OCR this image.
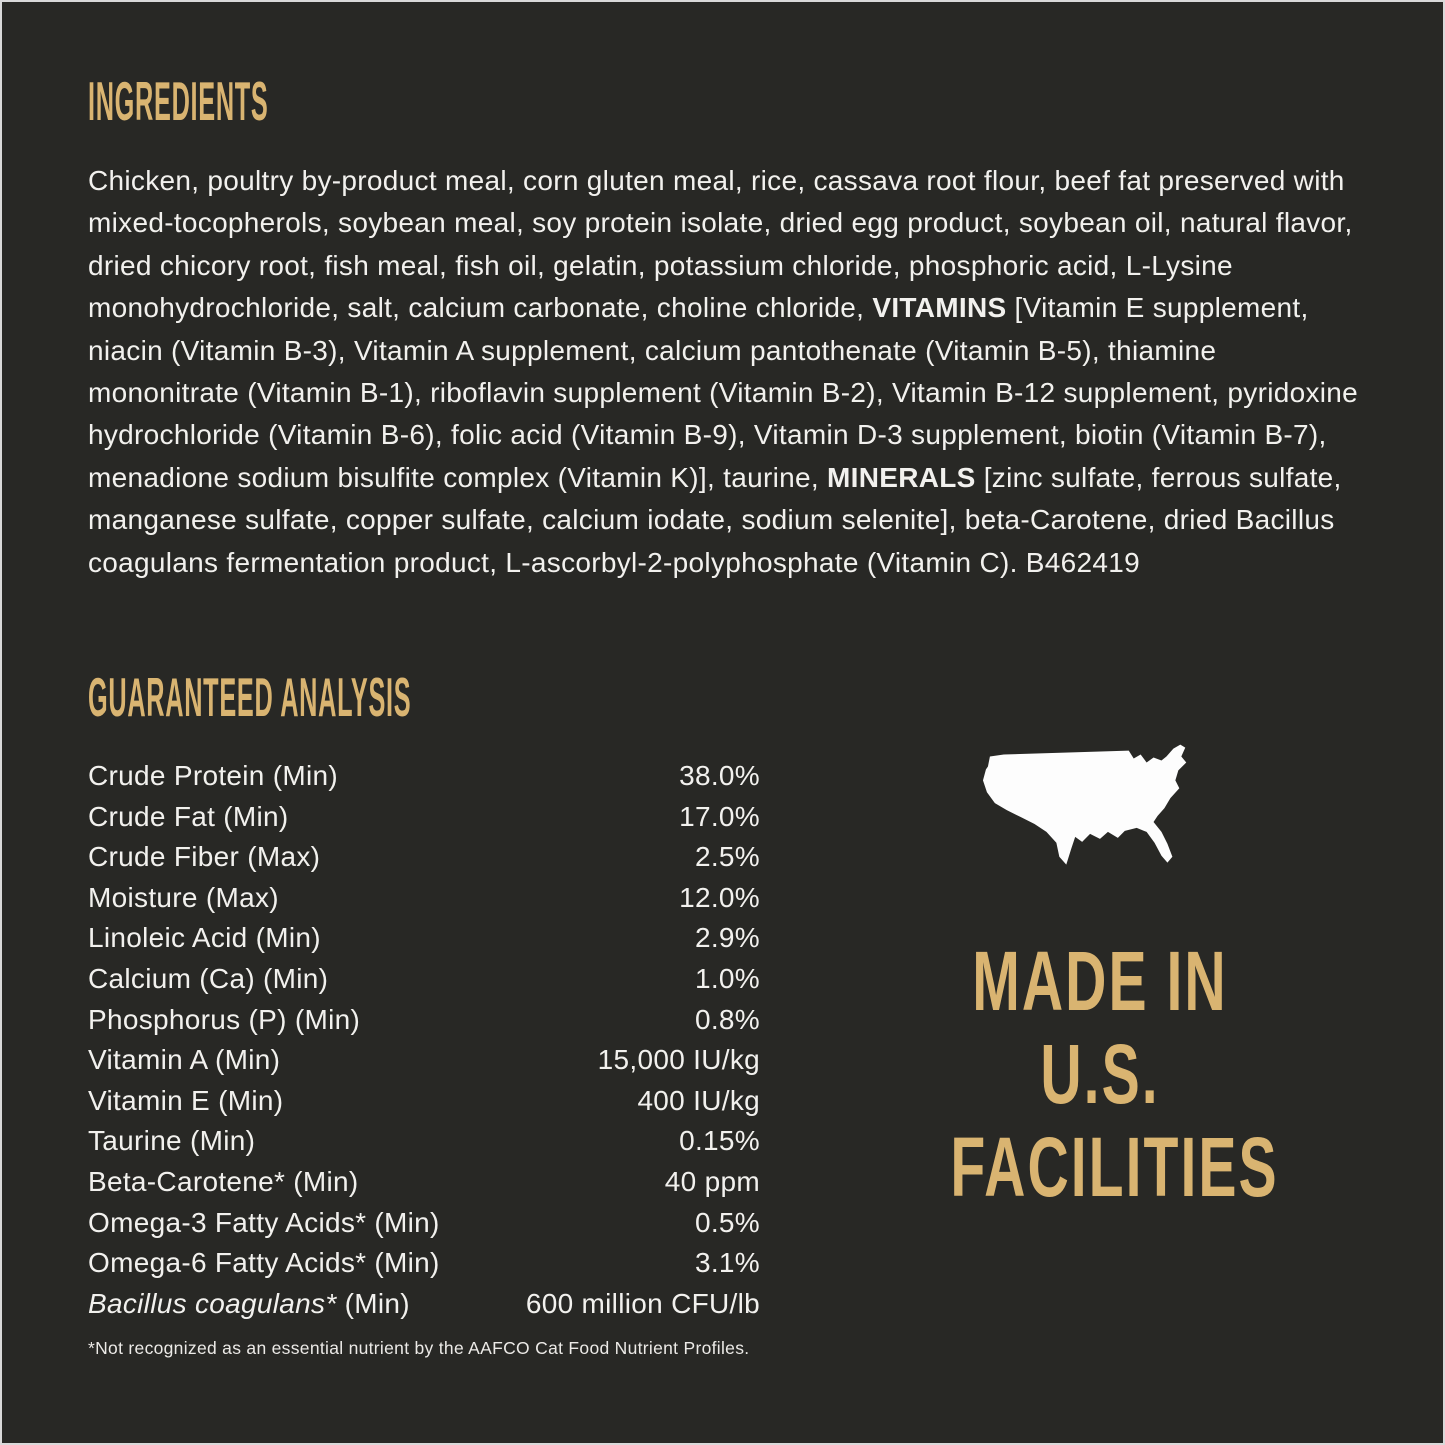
INGREDIENTS

Chicken, poultry by-product meal, corn gluten meal, rice, cassava root flour, beef fat preserved with mixed-tocopherols, soybean meal, soy protein isolate, dried egg product, soybean oil, natural flavor, dried chicory root, fish meal, fish oil, gelatin, potassium chloride, phosphoric acid, L-Lysine monohydrochloride, salt, calcium carbonate, choline chloride, VITAMINS [Vitamin E supplement, niacin (Vitamin B-3), Vitamin A supplement, calcium pantothenate (Vitamin B-5), thiamine mononitrate (Vitamin B-1), riboflavin supplement (Vitamin B-2), Vitamin B-12 supplement, pyridoxine hydrochloride (Vitamin B-6), folic acid (Vitamin B-9), Vitamin D-3 supplement, biotin (Vitamin B-7), menadione sodium bisulfite complex (Vitamin K)], taurine, MINERALS [zinc sulfate, ferrous sulfate, manganese sulfate, copper sulfate, calcium iodate, sodium selenite], beta-Carotene, dried Bacillus coagulans fermentation product, L-ascorbyl-2-polyphosphate (Vitamin C). B462419

GUARANTEED ANALYSIS
Crude Protein (Min)	38.0%
Crude Fat (Min)	17.0%
Crude Fiber (Max)	2.5%
Moisture (Max)	12.0%
Linoleic Acid (Min)	2.9%
Calcium (Ca) (Min)	1.0%
Phosphorus (P) (Min)	0.8%
Vitamin A (Min)	15,000 IU/kg
Vitamin E (Min)	400 IU/kg
Taurine (Min)	0.15%
Beta-Carotene* (Min)	40 ppm
Omega-3 Fatty Acids* (Min)	0.5%
Omega-6 Fatty Acids* (Min)	3.1%
Bacillus coagulans* (Min)	600 million CFU/lb
*Not recognized as an essential nutrient by the AAFCO Cat Food Nutrient Profiles.
MADE IN
U.S.
FACILITIES
